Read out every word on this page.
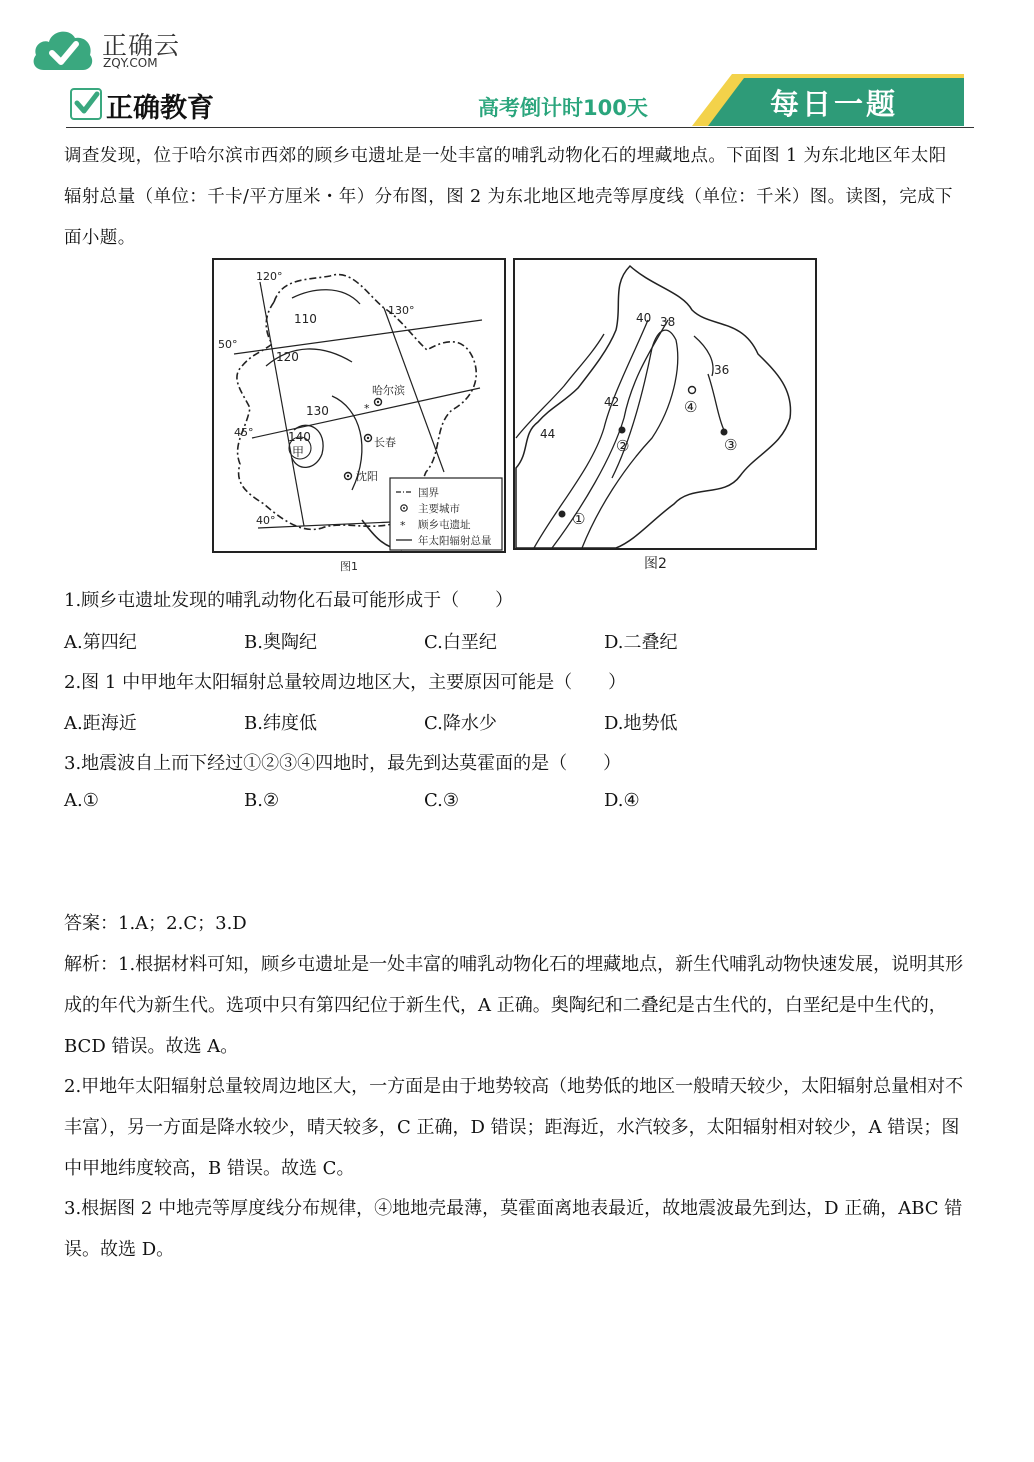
正确云
ZQY.COM
正确教育	高考倒计时100天	每日一题
调查发现，位于哈尔滨市西郊的顾乡屯遗址是一处丰富的哺乳动物化石的埋藏地点。下面图 1 为东北地区年太阳辐射总量（单位：千卡/平方厘米・年）分布图，图 2 为东北地区地壳等厚度线（单位：千米）图。读图，完成下面小题。
*
120°
130°
50°
45°
40°
110
120
130
140
甲
哈尔滨
长春
沈阳
国界
主要城市
* 顾乡屯遗址
年太阳辐射总量
图1
40 38
36
42
44
①
②	③
④
图2
1.顾乡屯遗址发现的哺乳动物化石最可能形成于（　　）
A.第四纪	B.奥陶纪	C.白垩纪	D.二叠纪
2.图 1 中甲地年太阳辐射总量较周边地区大，主要原因可能是（　　）
A.距海近	B.纬度低	C.降水少	D.地势低
3.地震波自上而下经过①②③④四地时，最先到达莫霍面的是（　　）
A.①	B.②	C.③	D.④
答案：1.A；2.C；3.D
解析：1.根据材料可知，顾乡屯遗址是一处丰富的哺乳动物化石的埋藏地点，新生代哺乳动物快速发展，说明其形成的年代为新生代。选项中只有第四纪位于新生代，A 正确。奥陶纪和二叠纪是古生代的，白垩纪是中生代的，BCD 错误。故选 A。
2.甲地年太阳辐射总量较周边地区大，一方面是由于地势较高（地势低的地区一般晴天较少，太阳辐射总量相对不丰富），另一方面是降水较少，晴天较多，C 正确，D 错误；距海近，水汽较多，太阳辐射相对较少，A 错误；图中甲地纬度较高，B 错误。故选 C。
3.根据图 2 中地壳等厚度线分布规律，④地地壳最薄，莫霍面离地表最近，故地震波最先到达，D 正确，ABC 错误。故选 D。
